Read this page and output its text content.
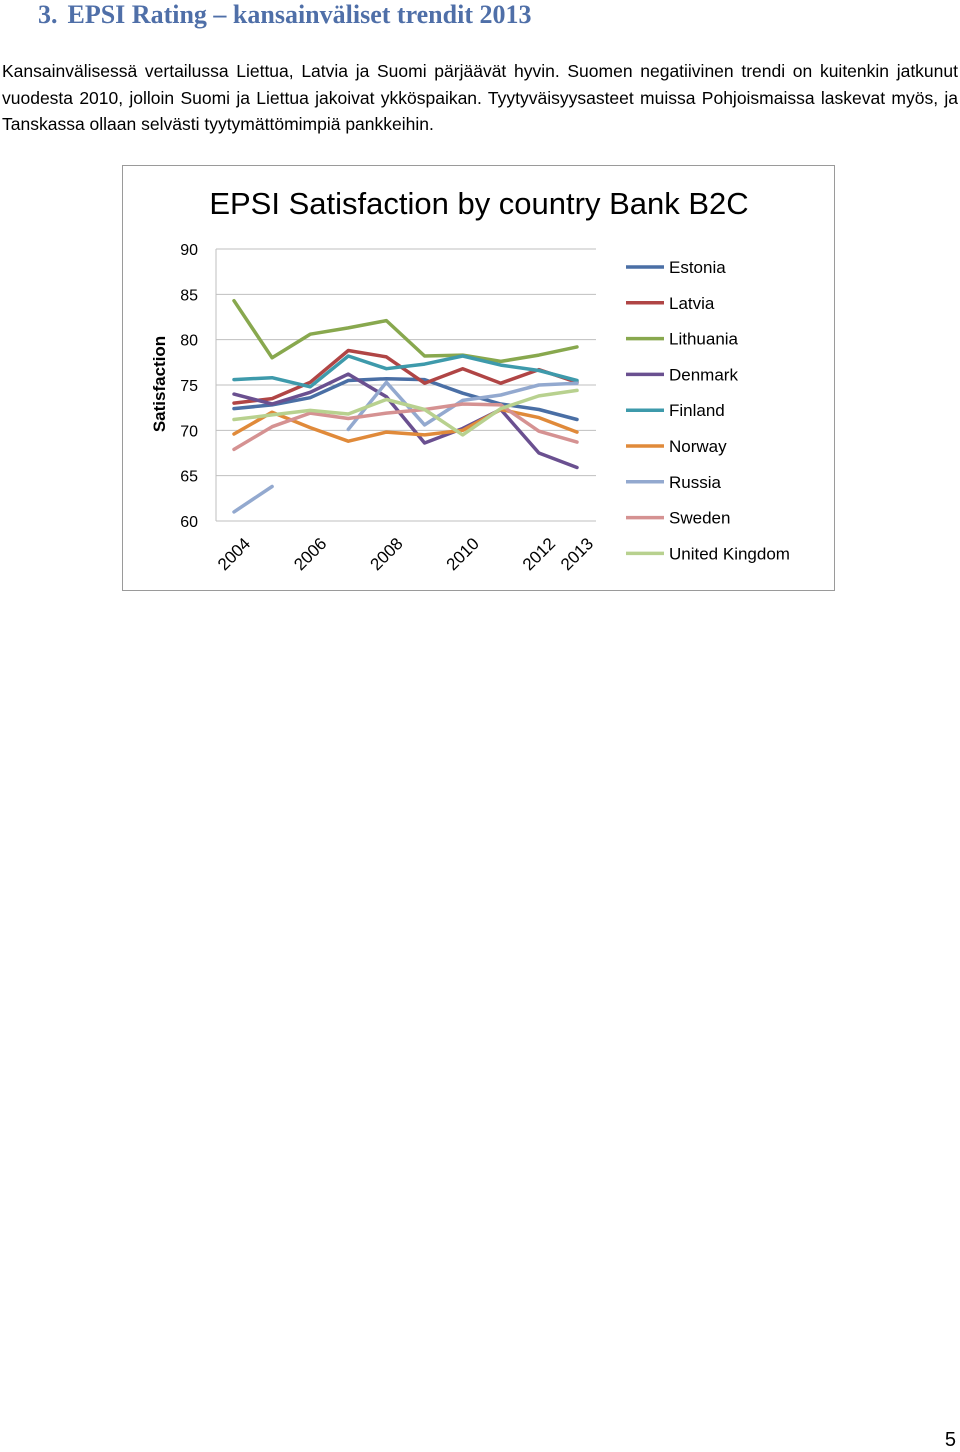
3. EPSI Rating – kansainväliset trendit 2013

Kansainvälisessä vertailussa Liettua, Latvia ja Suomi pärjäävät hyvin. Suomen negatiivinen trendi on kuitenkin jatkunut vuodesta 2010, jolloin Suomi ja Liettua jakoivat ykköspaikan. Tyytyväisyysasteet muissa Pohjoismaissa laskevat myös, ja Tanskassa ollaan selvästi tyytymättömimpiä pankkeihin.

EPSI Satisfaction by country Bank B2C
Satisfaction
60
65
70
75
80
85
90
2004 2006 2008 2010 2012
2013
Estonia
Latvia
Lithuania
Denmark
Finland
Norway
Russia
Sweden
United Kingdom
5
